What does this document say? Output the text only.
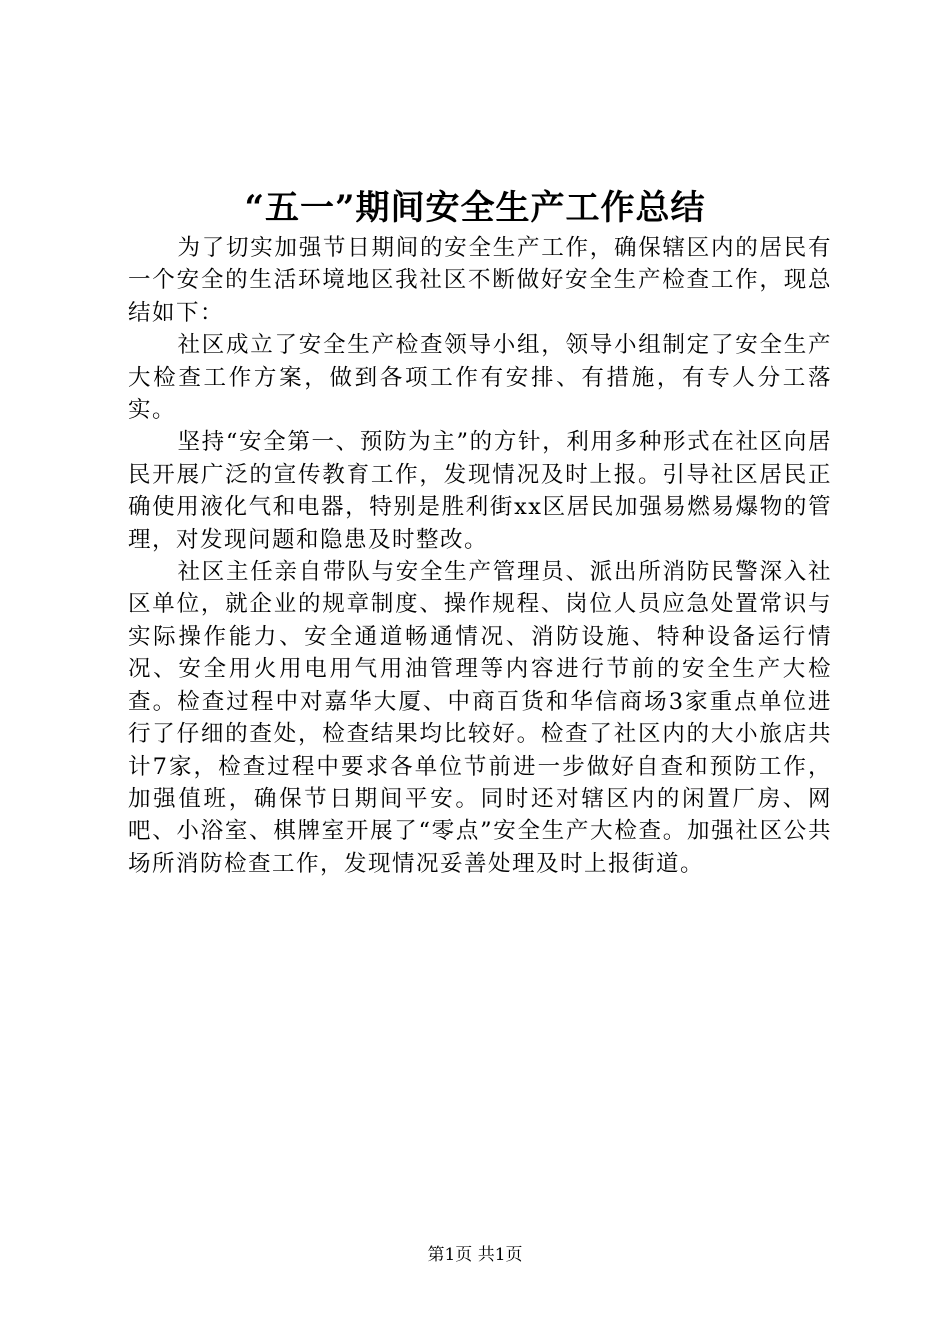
“五一”期间安全生产工作总结

为了切实加强节日期间的安全生产工作，确保辖区内的居民有一个安全的生活环境地区我社区不断做好安全生产检查工作，现总结如下：

社区成立了安全生产检查领导小组，领导小组制定了安全生产大检查工作方案，做到各项工作有安排、有措施，有专人分工落实。

坚持“安全第一、预防为主”的方针，利用多种形式在社区向居民开展广泛的宣传教育工作，发现情况及时上报。引导社区居民正确使用液化气和电器，特别是胜利街xx区居民加强易燃易爆物的管理，对发现问题和隐患及时整改。

社区主任亲自带队与安全生产管理员、派出所消防民警深入社区单位，就企业的规章制度、操作规程、岗位人员应急处置常识与实际操作能力、安全通道畅通情况、消防设施、特种设备运行情况、安全用火用电用气用油管理等内容进行节前的安全生产大检查。检查过程中对嘉华大厦、中商百货和华信商场3家重点单位进行了仔细的查处，检查结果均比较好。检查了社区内的大小旅店共计7家，检查过程中要求各单位节前进一步做好自查和预防工作，加强值班，确保节日期间平安。同时还对辖区内的闲置厂房、网吧、小浴室、棋牌室开展了“零点”安全生产大检查。加强社区公共场所消防检查工作，发现情况妥善处理及时上报街道。

第1页 共1页
